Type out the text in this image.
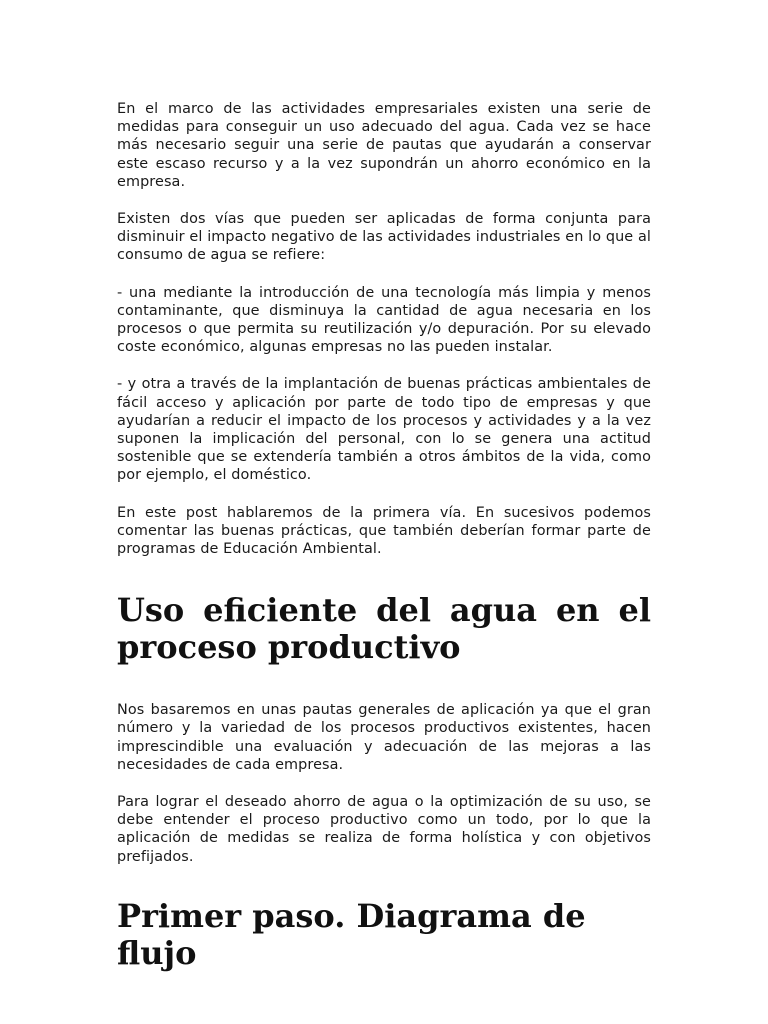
En el marco de las actividades empresariales existen una serie de medidas para conseguir un uso adecuado del agua. Cada vez se hace más necesario seguir una serie de pautas que ayudarán a conservar este escaso recurso y a la vez supondrán un ahorro económico en la empresa.

Existen dos vías que pueden ser aplicadas de forma conjunta para disminuir el impacto negativo de las actividades industriales en lo que al consumo de agua se refiere:

- una mediante la introducción de una tecnología más limpia y menos contaminante, que disminuya la cantidad de agua necesaria en los procesos o que permita su reutilización y/o depuración. Por su elevado coste económico, algunas empresas no las pueden instalar.

- y otra a través de la implantación de buenas prácticas ambientales de fácil acceso y aplicación por parte de todo tipo de empresas y que ayudarían a reducir el impacto de los procesos y actividades y a la vez suponen la implicación del personal, con lo se genera una actitud sostenible que se extendería también a otros ámbitos de la vida, como por ejemplo, el doméstico.

En este post hablaremos de la primera vía. En sucesivos podemos comentar las buenas prácticas, que también deberían formar parte de programas de Educación Ambiental.

Uso eficiente del agua en el proceso productivo

Nos basaremos en unas pautas generales de aplicación ya que el gran número y la variedad de los procesos productivos existentes, hacen imprescindible una evaluación y adecuación de las mejoras a las necesidades de cada empresa.

Para lograr el deseado ahorro de agua o la optimización de su uso, se debe entender el proceso productivo como un todo, por lo que la aplicación de medidas se realiza de forma holística y con objetivos prefijados.

Primer paso. Diagrama de flujo
